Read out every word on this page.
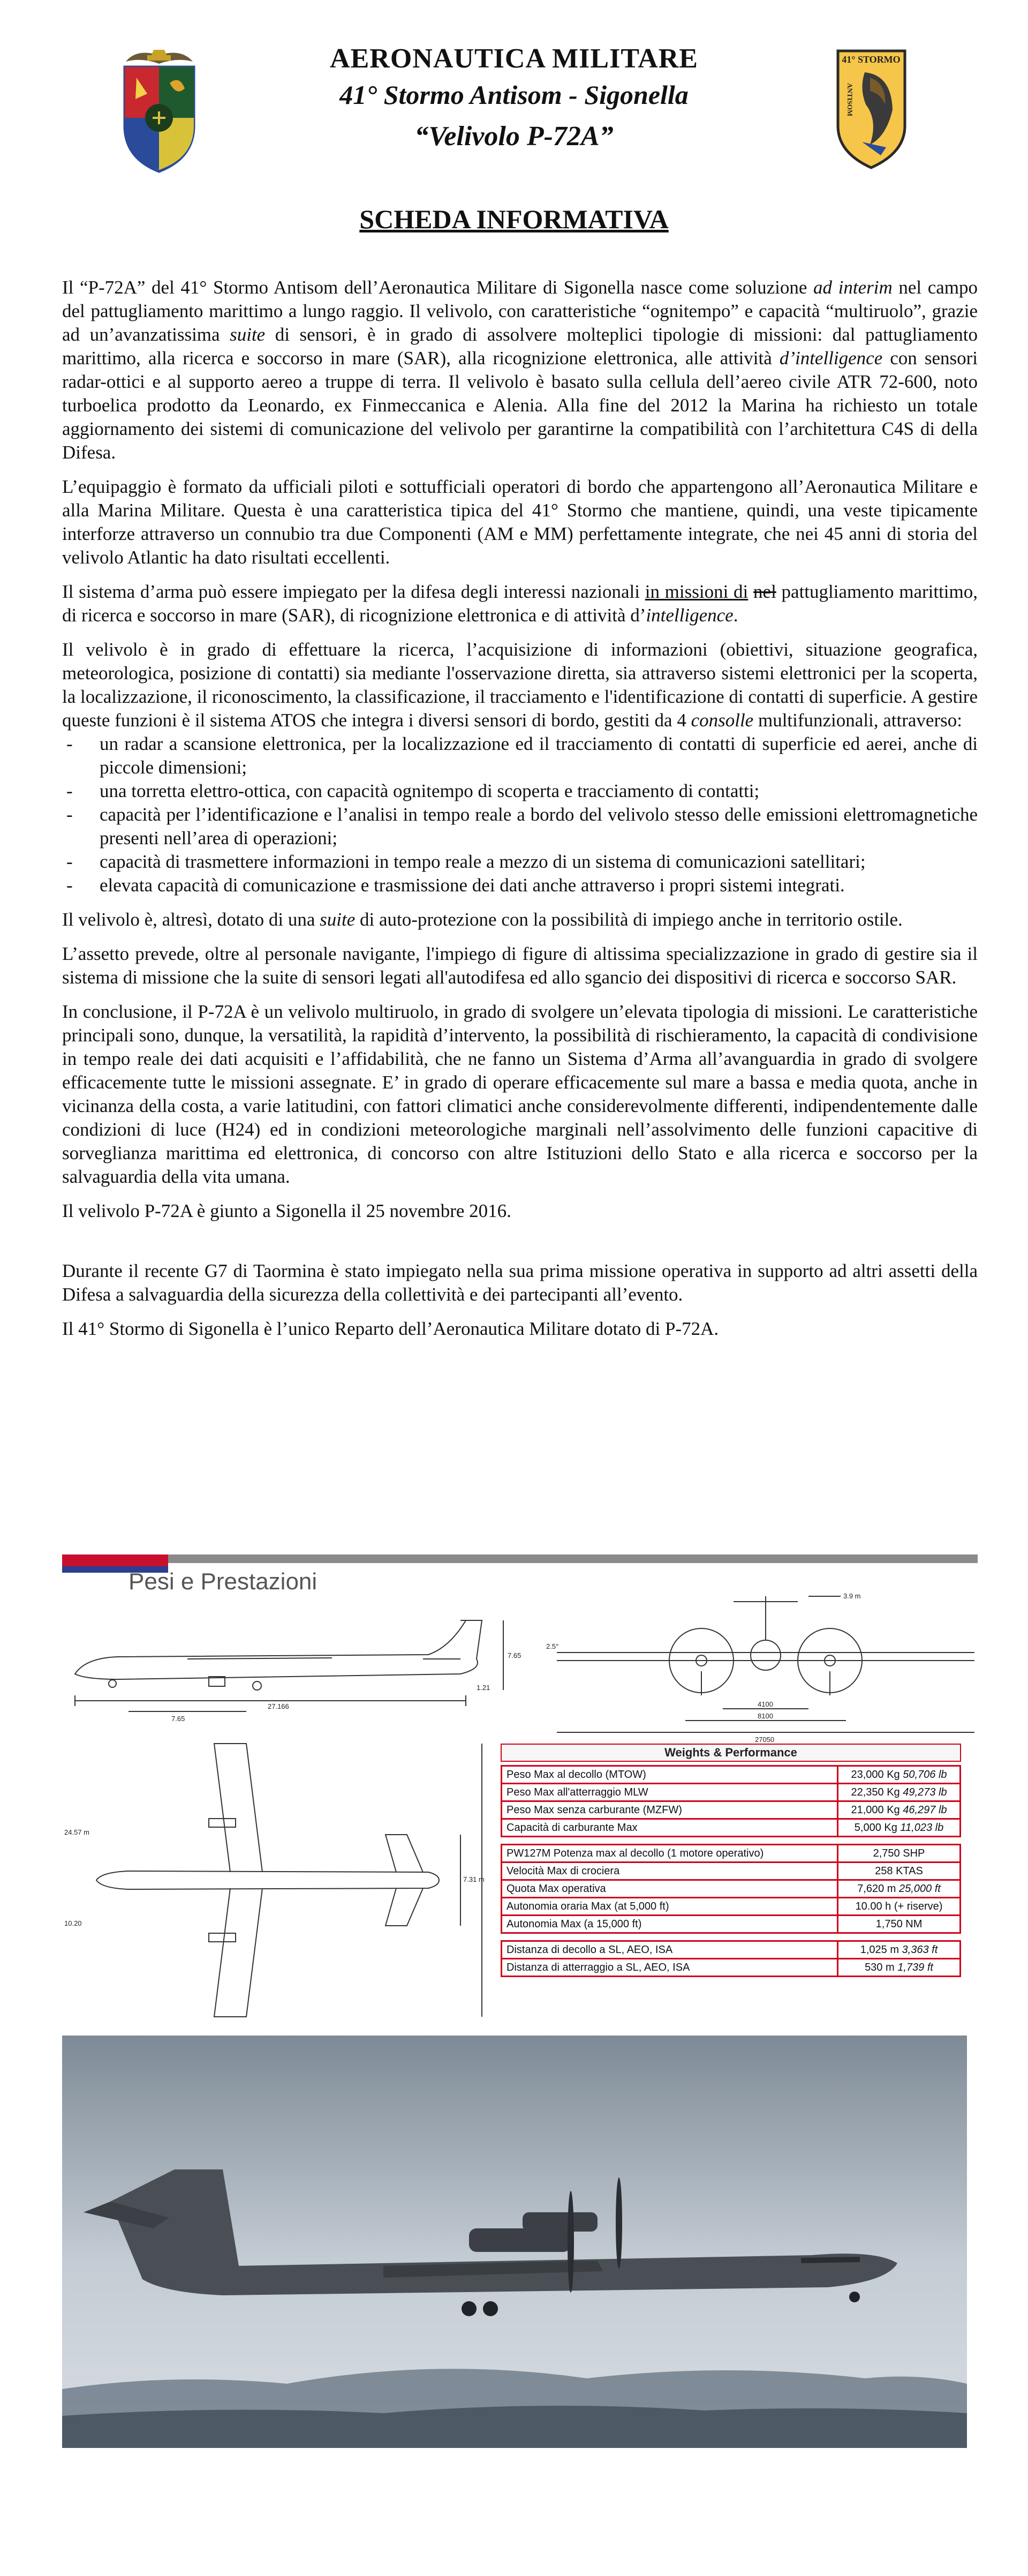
AERONAUTICA MILITARE
41° Stormo Antisom - Sigonella
“Velivolo P-72A”
41° STORMO
ANTISOM
SCHEDA INFORMATIVA

Il “P-72A” del 41° Stormo Antisom dell’Aeronautica Militare di Sigonella nasce come soluzione ad interim nel campo del pattugliamento marittimo a lungo raggio. Il velivolo, con caratteristiche “ognitempo” e capacità “multiruolo”, grazie ad un’avanzatissima suite di sensori, è in grado di assolvere molteplici tipologie di missioni: dal pattugliamento marittimo, alla ricerca e soccorso in mare (SAR), alla ricognizione elettronica, alle attività d’intelligence con sensori radar-ottici e al supporto aereo a truppe di terra. Il velivolo è basato sulla cellula dell’aereo civile ATR 72-600, noto turboelica prodotto da Leonardo, ex Finmeccanica e Alenia. Alla fine del 2012 la Marina ha richiesto un totale aggiornamento dei sistemi di comunicazione del velivolo per garantirne la compatibilità con l’architettura C4S di della Difesa.

L’equipaggio è formato da ufficiali piloti e sottufficiali operatori di bordo che appartengono all’Aeronautica Militare e alla Marina Militare. Questa è una caratteristica tipica del 41° Stormo che mantiene, quindi, una veste tipicamente interforze attraverso un connubio tra due Componenti (AM e MM) perfettamente integrate, che nei 45 anni di storia del velivolo Atlantic ha dato risultati eccellenti.

Il sistema d’arma può essere impiegato per la difesa degli interessi nazionali in missioni di nel pattugliamento marittimo, di ricerca e soccorso in mare (SAR), di ricognizione elettronica e di attività d’intelligence.

Il velivolo è in grado di effettuare la ricerca, l’acquisizione di informazioni (obiettivi, situazione geografica, meteorologica, posizione di contatti) sia mediante l'osservazione diretta, sia attraverso sistemi elettronici per la scoperta, la localizzazione, il riconoscimento, la classificazione, il tracciamento e l'identificazione di contatti di superficie. A gestire queste funzioni è il sistema ATOS che integra i diversi sensori di bordo, gestiti da 4 consolle multifunzionali, attraverso:

- un radar a scansione elettronica, per la localizzazione ed il tracciamento di contatti di superficie ed aerei, anche di piccole dimensioni;
- una torretta elettro-ottica, con capacità ognitempo di scoperta e tracciamento di contatti;
- capacità per l’identificazione e l’analisi in tempo reale a bordo del velivolo stesso delle emissioni elettromagnetiche presenti nell’area di operazioni;
- capacità di trasmettere informazioni in tempo reale a mezzo di un sistema di comunicazioni satellitari;
- elevata capacità di comunicazione e trasmissione dei dati anche attraverso i propri sistemi integrati.

Il velivolo è, altresì, dotato di una suite di auto-protezione con la possibilità di impiego anche in territorio ostile.

L’assetto prevede, oltre al personale navigante, l'impiego di figure di altissima specializzazione in grado di gestire sia il sistema di missione che la suite di sensori legati all'autodifesa ed allo sgancio dei dispositivi di ricerca e soccorso SAR.

In conclusione, il P-72A è un velivolo multiruolo, in grado di svolgere un’elevata tipologia di missioni. Le caratteristiche principali sono, dunque, la versatilità, la rapidità d’intervento, la possibilità di rischieramento, la capacità di condivisione in tempo reale dei dati acquisiti e l’affidabilità, che ne fanno un Sistema d’Arma all’avanguardia in grado di svolgere efficacemente tutte le missioni assegnate. E’ in grado di operare efficacemente sul mare a bassa e media quota, anche in vicinanza della costa, a varie latitudini, con fattori climatici anche considerevolmente differenti, indipendentemente dalle condizioni di luce (H24) ed in condizioni meteorologiche marginali nell’assolvimento delle funzioni capacitive di sorveglianza marittima ed elettronica, di concorso con altre Istituzioni dello Stato e alla ricerca e soccorso per la salvaguardia della vita umana.

Il velivolo P-72A è giunto a Sigonella il 25 novembre 2016.

Durante il recente G7 di Taormina è stato impiegato nella sua prima missione operativa in supporto ad altri assetti della Difesa a salvaguardia della sicurezza della collettività e dei partecipanti all’evento.

Il 41° Stormo di Sigonella è l’unico Reparto dell’Aeronautica Militare dotato di P-72A.

Pesi e Prestazioni
27.166
7.65
7.65
1.21
3.9 m
4100
8100
27050
2.5°
7.31 m
24.57 m
10.20
Weights & Performance
Peso Max al decollo (MTOW)	23,000 Kg 50,706 lb
Peso Max all'atterraggio MLW	22,350 Kg 49,273 lb
Peso Max senza carburante (MZFW)	21,000 Kg 46,297 lb
Capacità di carburante Max	5,000 Kg 11,023 lb

PW127M Potenza max al decollo (1 motore operativo)	2,750 SHP
Velocità Max di crociera	258 KTAS
Quota Max operativa	7,620 m 25,000 ft
Autonomia oraria Max (at 5,000 ft)	10.00 h (+ riserve)
Autonomia Max (a 15,000 ft)	1,750 NM

Distanza di decollo a SL, AEO, ISA	1,025 m 3,363 ft
Distanza di atterraggio a SL, AEO, ISA	530 m 1,739 ft
